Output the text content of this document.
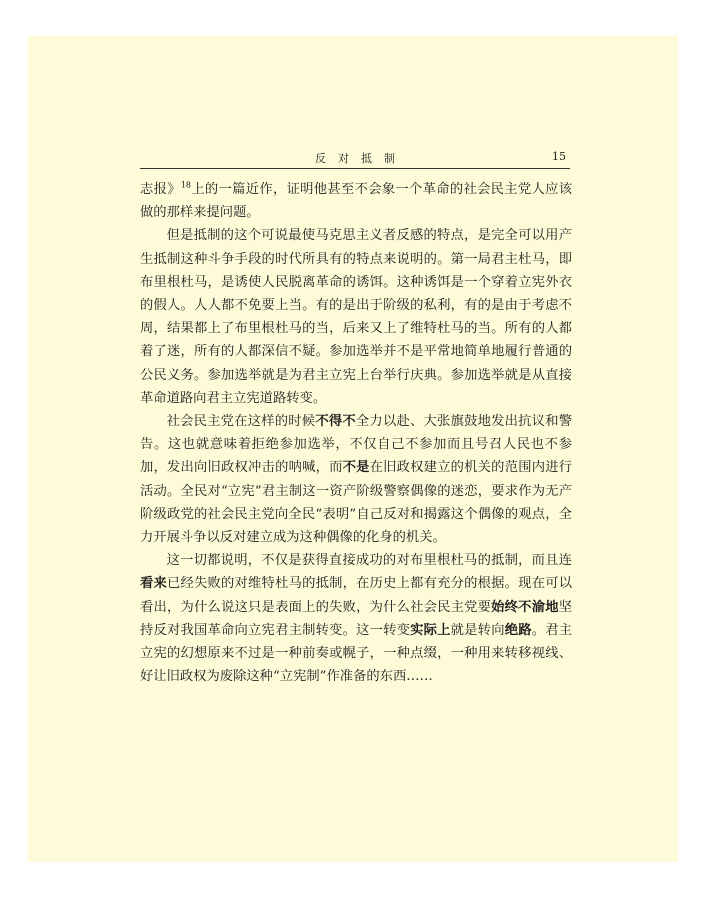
反对抵制	15

志报》$^{18}$上的一篇近作，证明他甚至不会象一个革命的社会民主党人应该做的那样来提问题。

但是抵制的这个可说最使马克思主义者反感的特点，是完全可以用产生抵制这种斗争手段的时代所具有的特点来说明的。第一局君主杜马，即布里根杜马，是诱使人民脱离革命的诱饵。这种诱饵是一个穿着立宪外衣的假人。人人都不免要上当。有的是出于阶级的私利，有的是由于考虑不周，结果都上了布里根杜马的当，后来又上了维特杜马的当。所有的人都着了迷，所有的人都深信不疑。参加选举并不是平常地简单地履行普通的公民义务。参加选举就是为君主立宪上台举行庆典。参加选举就是从直接革命道路向君主立宪道路转变。

社会民主党在这样的时候不得不全力以赴、大张旗鼓地发出抗议和警告。这也就意味着拒绝参加选举，不仅自己不参加而且号召人民也不参加，发出向旧政权冲击的呐喊，而不是在旧政权建立的机关的范围内进行活动。全民对“立宪”君主制这一资产阶级警察偶像的迷恋，要求作为无产阶级政党的社会民主党向全民“表明”自己反对和揭露这个偶像的观点，全力开展斗争以反对建立成为这种偶像的化身的机关。

这一切都说明，不仅是获得直接成功的对布里根杜马的抵制，而且连看来已经失败的对维特杜马的抵制，在历史上都有充分的根据。现在可以看出，为什么说这只是表面上的失败，为什么社会民主党要始终不渝地坚持反对我国革命向立宪君主制转变。这一转变实际上就是转向绝路。君主立宪的幻想原来不过是一种前奏或幌子，一种点缀，一种用来转移视线、好让旧政权为废除这种“立宪制”作准备的东西……
